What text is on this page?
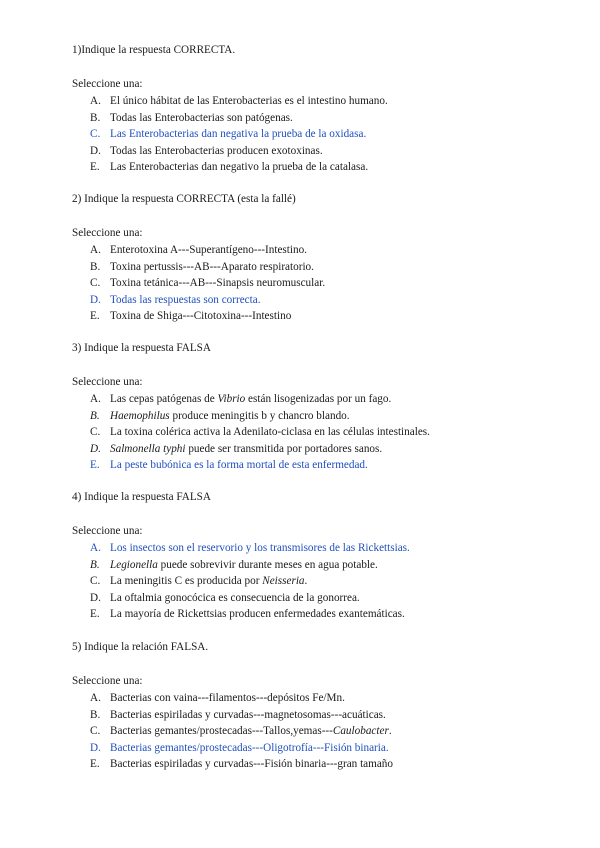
1)Indique la respuesta CORRECTA.
Seleccione una:
A. El único hábitat de las Enterobacterias es el intestino humano.
B. Todas las Enterobacterias son patógenas.
C. Las Enterobacterias dan negativa la prueba de la oxidasa.
D. Todas las Enterobacterias producen exotoxinas.
E. Las Enterobacterias dan negativo la prueba de la catalasa.
2) Indique la respuesta CORRECTA (esta la fallé)
Seleccione una:
A. Enterotoxina A---Superantígeno---Intestino.
B. Toxina pertussis---AB---Aparato respiratorio.
C. Toxina tetánica---AB---Sinapsis neuromuscular.
D. Todas las respuestas son correcta.
E. Toxina de Shiga---Citotoxina---Intestino
3) Indique la respuesta FALSA
Seleccione una:
A. Las cepas patógenas de Vibrio están lisogenizadas por un fago.
B. Haemophilus produce meningitis b y chancro blando.
C. La toxina colérica activa la Adenilato-ciclasa en las células intestinales.
D. Salmonella typhi puede ser transmitida por portadores sanos.
E. La peste bubónica es la forma mortal de esta enfermedad.
4) Indique la respuesta FALSA
Seleccione una:
A. Los insectos son el reservorio y los transmisores de las Rickettsias.
B. Legionella puede sobrevivir durante meses en agua potable.
C. La meningitis C es producida por Neisseria.
D. La oftalmia gonocócica es consecuencia de la gonorrea.
E. La mayoría de Rickettsias producen enfermedades exantemáticas.
5) Indique la relación FALSA.
Seleccione una:
A. Bacterias con vaina---filamentos---depósitos Fe/Mn.
B. Bacterias espiriladas y curvadas---magnetosomas---acuáticas.
C. Bacterias gemantes/prostecadas---Tallos,yemas---Caulobacter.
D. Bacterias gemantes/prostecadas---Oligotrofía---Fisión binaria.
E. Bacterias espiriladas y curvadas---Fisión binaria---gran tamaño
